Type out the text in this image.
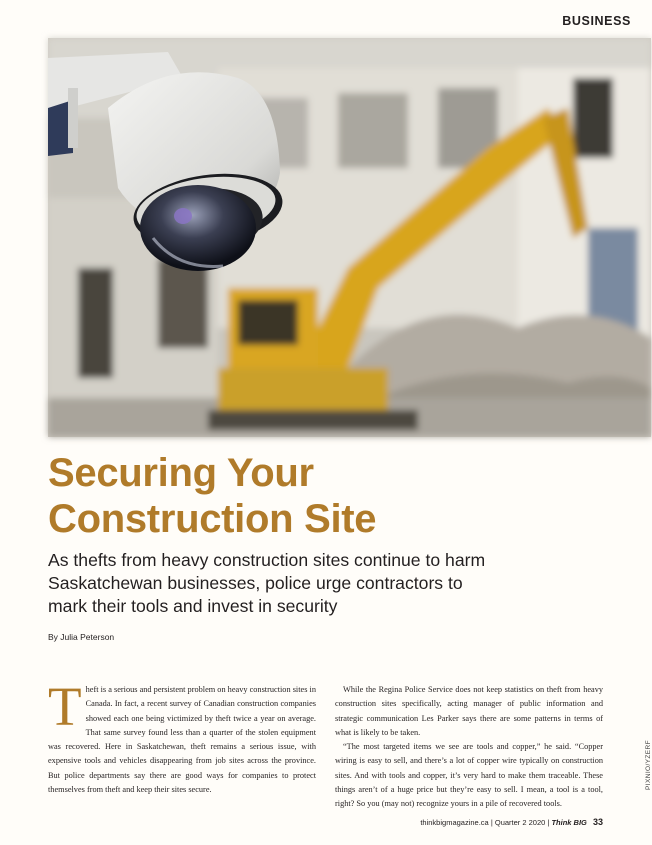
BUSINESS
PIXNIO/YZERF
Securing Your
Construction Site

As thefts from heavy construction sites continue to harm Saskatchewan businesses, police urge contractors to mark their tools and invest in security

By Julia Peterson

Theft is a serious and persistent problem on heavy construction sites in Canada. In fact, a recent survey of Canadian construction companies showed each one being victimized by theft twice a year on average. That same survey found less than a quarter of the stolen equipment was recovered. Here in Saskatchewan, theft remains a serious issue, with expensive tools and vehicles disappearing from job sites across the province. But police departments say there are good ways for companies to protect themselves from theft and keep their sites secure.

While the Regina Police Service does not keep statistics on theft from heavy construction sites specifically, acting manager of public information and strategic communication Les Parker says there are some patterns in terms of what is likely to be taken.

“The most targeted items we see are tools and copper,” he said. “Copper wiring is easy to sell, and there’s a lot of copper wire typically on construction sites. And with tools and copper, it’s very hard to make them traceable. These things aren’t of a huge price but they’re easy to sell. I mean, a tool is a tool, right? So you (may not) recognize yours in a pile of recovered tools.

thinkbigmagazine.ca | Quarter 2 2020 | Think BIG 33
